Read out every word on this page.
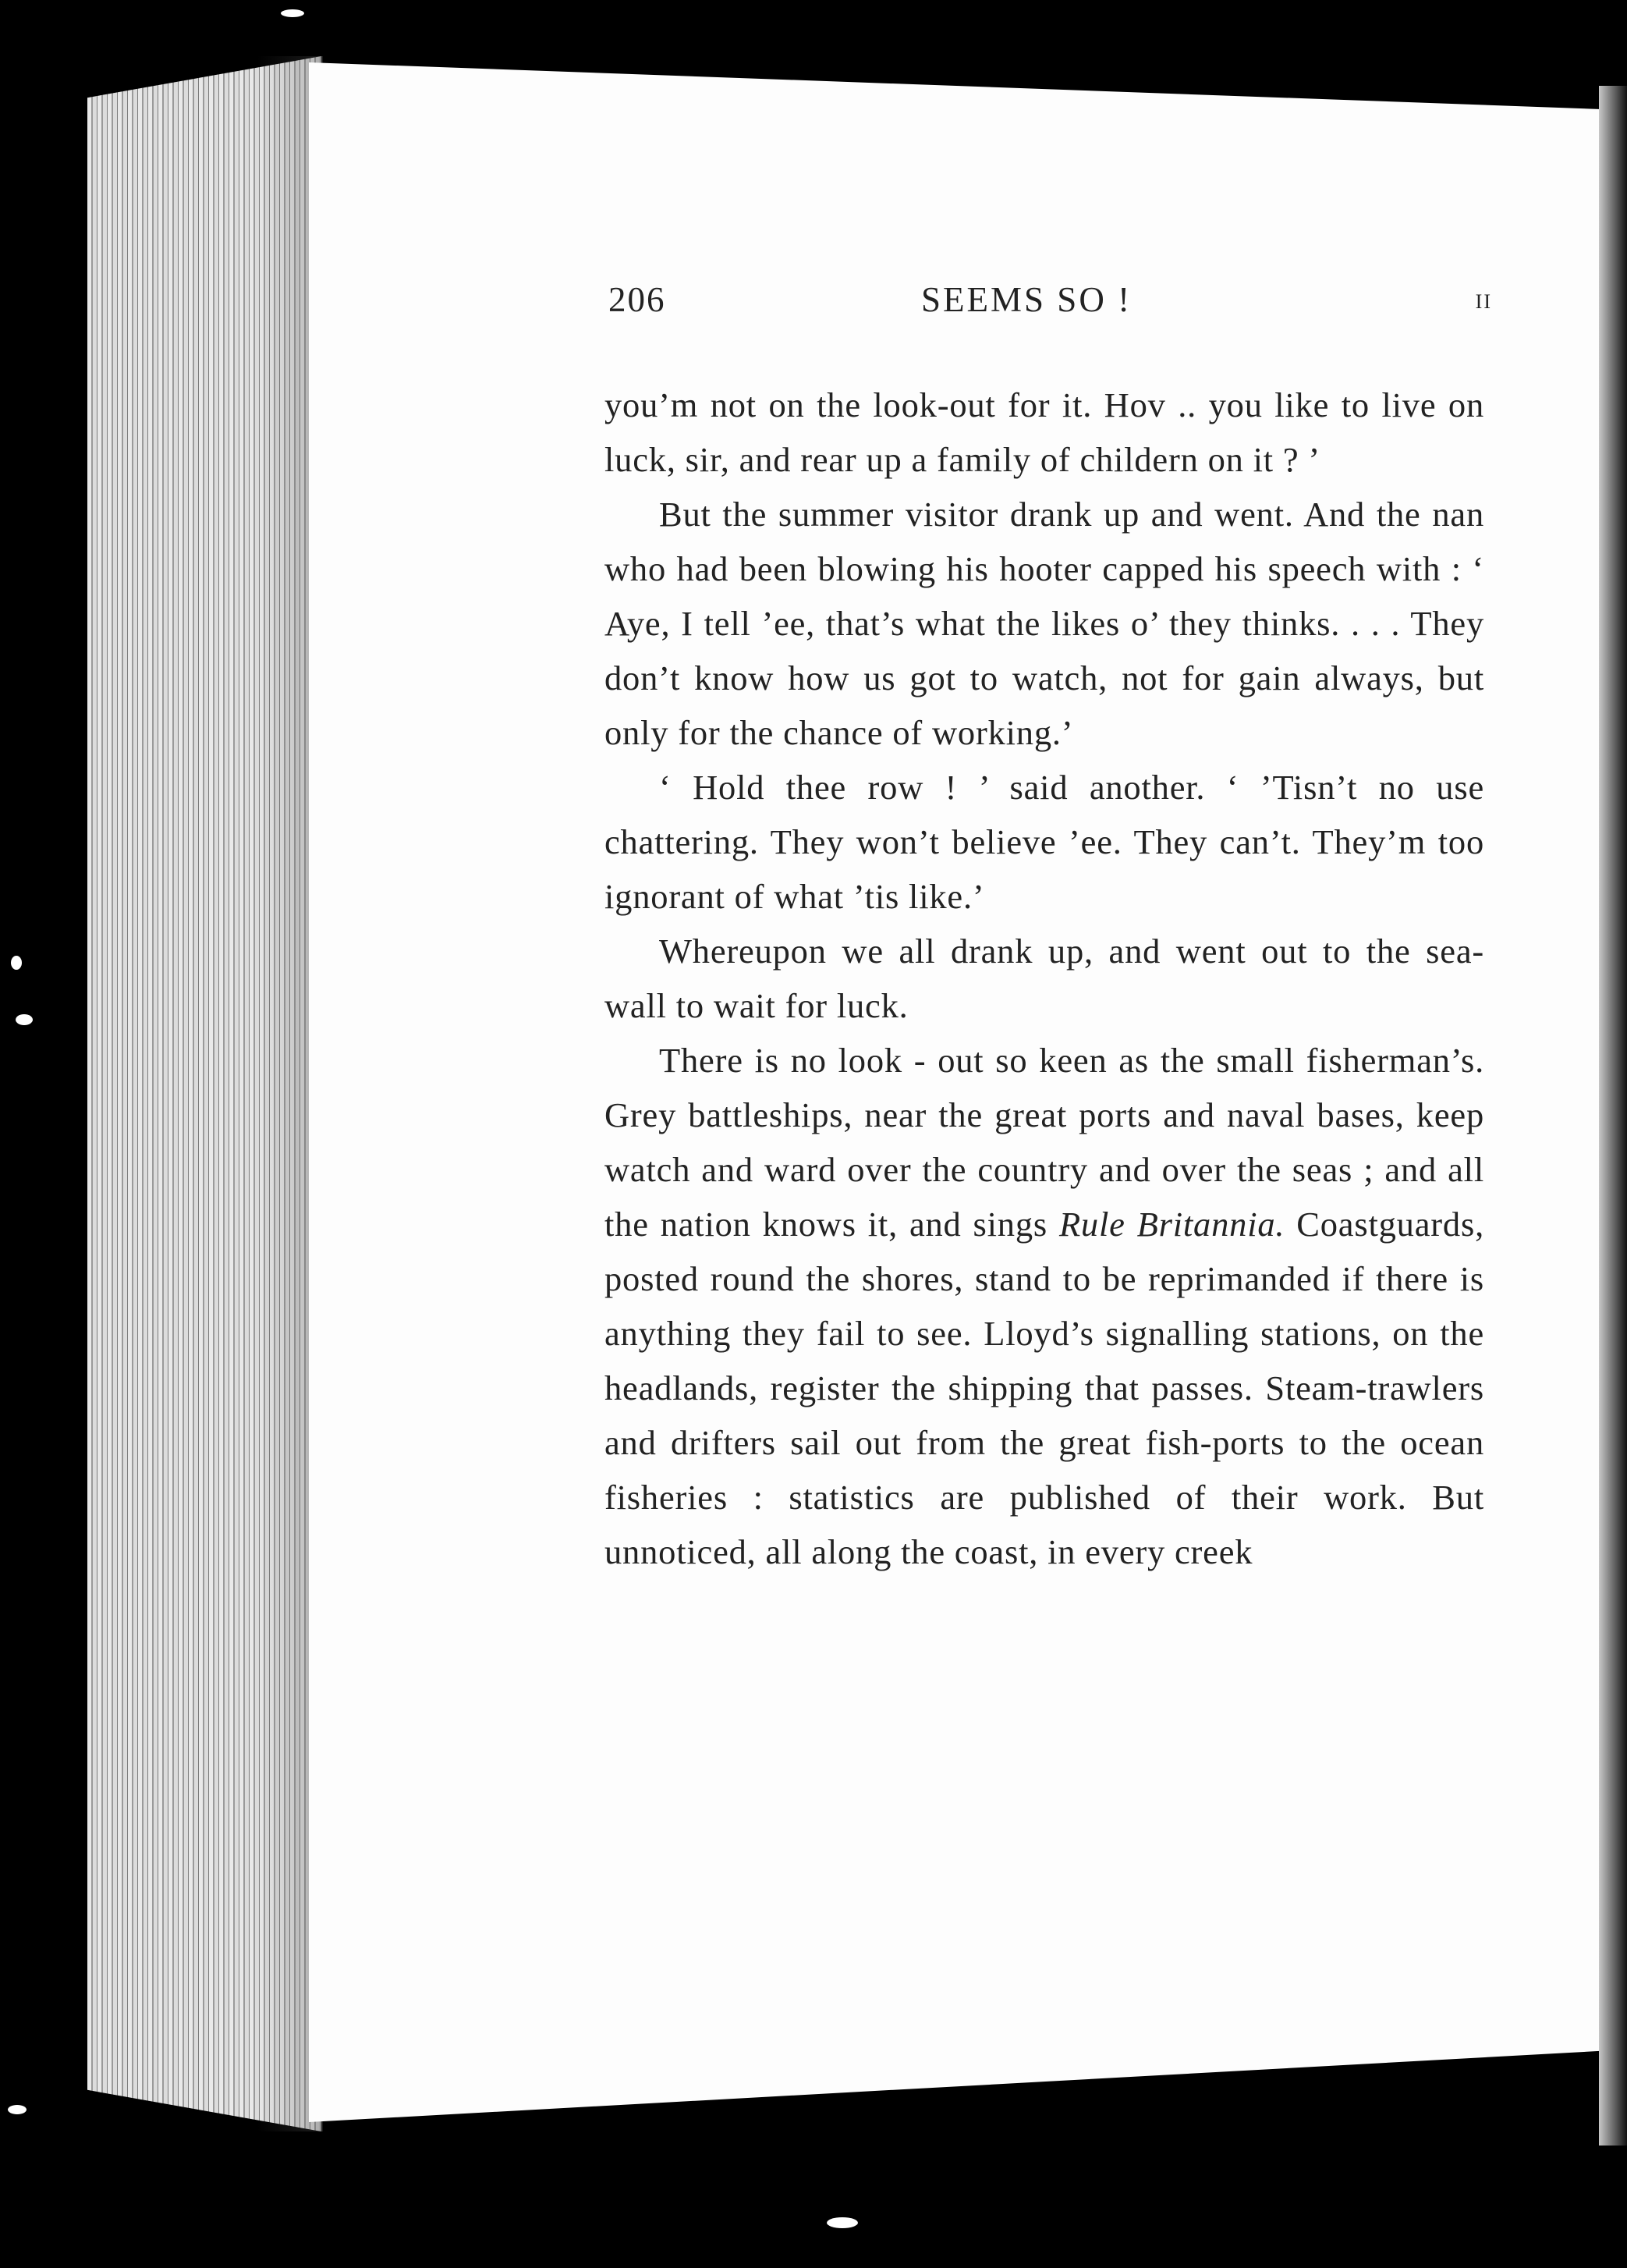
206	SEEMS SO !	II

you’m not on the look-out for it. Hov .. you like to live on luck, sir, and rear up a family of childern on it ? ’

But the summer visitor drank up and went. And the nan who had been blowing his hooter capped his speech with : ‘ Aye, I tell ’ee, that’s what the likes o’ they thinks. . . . They don’t know how us got to watch, not for gain always, but only for the chance of working.’

‘ Hold thee row ! ’ said another. ‘ ’Tisn’t no use chattering. They won’t believe ’ee. They can’t. They’m too ignorant of what ’tis like.’

Whereupon we all drank up, and went out to the sea-wall to wait for luck.

There is no look - out so keen as the small fisherman’s. Grey battleships, near the great ports and naval bases, keep watch and ward over the country and over the seas ; and all the nation knows it, and sings Rule Britannia. Coastguards, posted round the shores, stand to be reprimanded if there is anything they fail to see. Lloyd’s signalling stations, on the headlands, register the shipping that passes. Steam-trawlers and drifters sail out from the great fish-ports to the ocean fisheries : statistics are published of their work. But unnoticed, all along the coast, in every creek
